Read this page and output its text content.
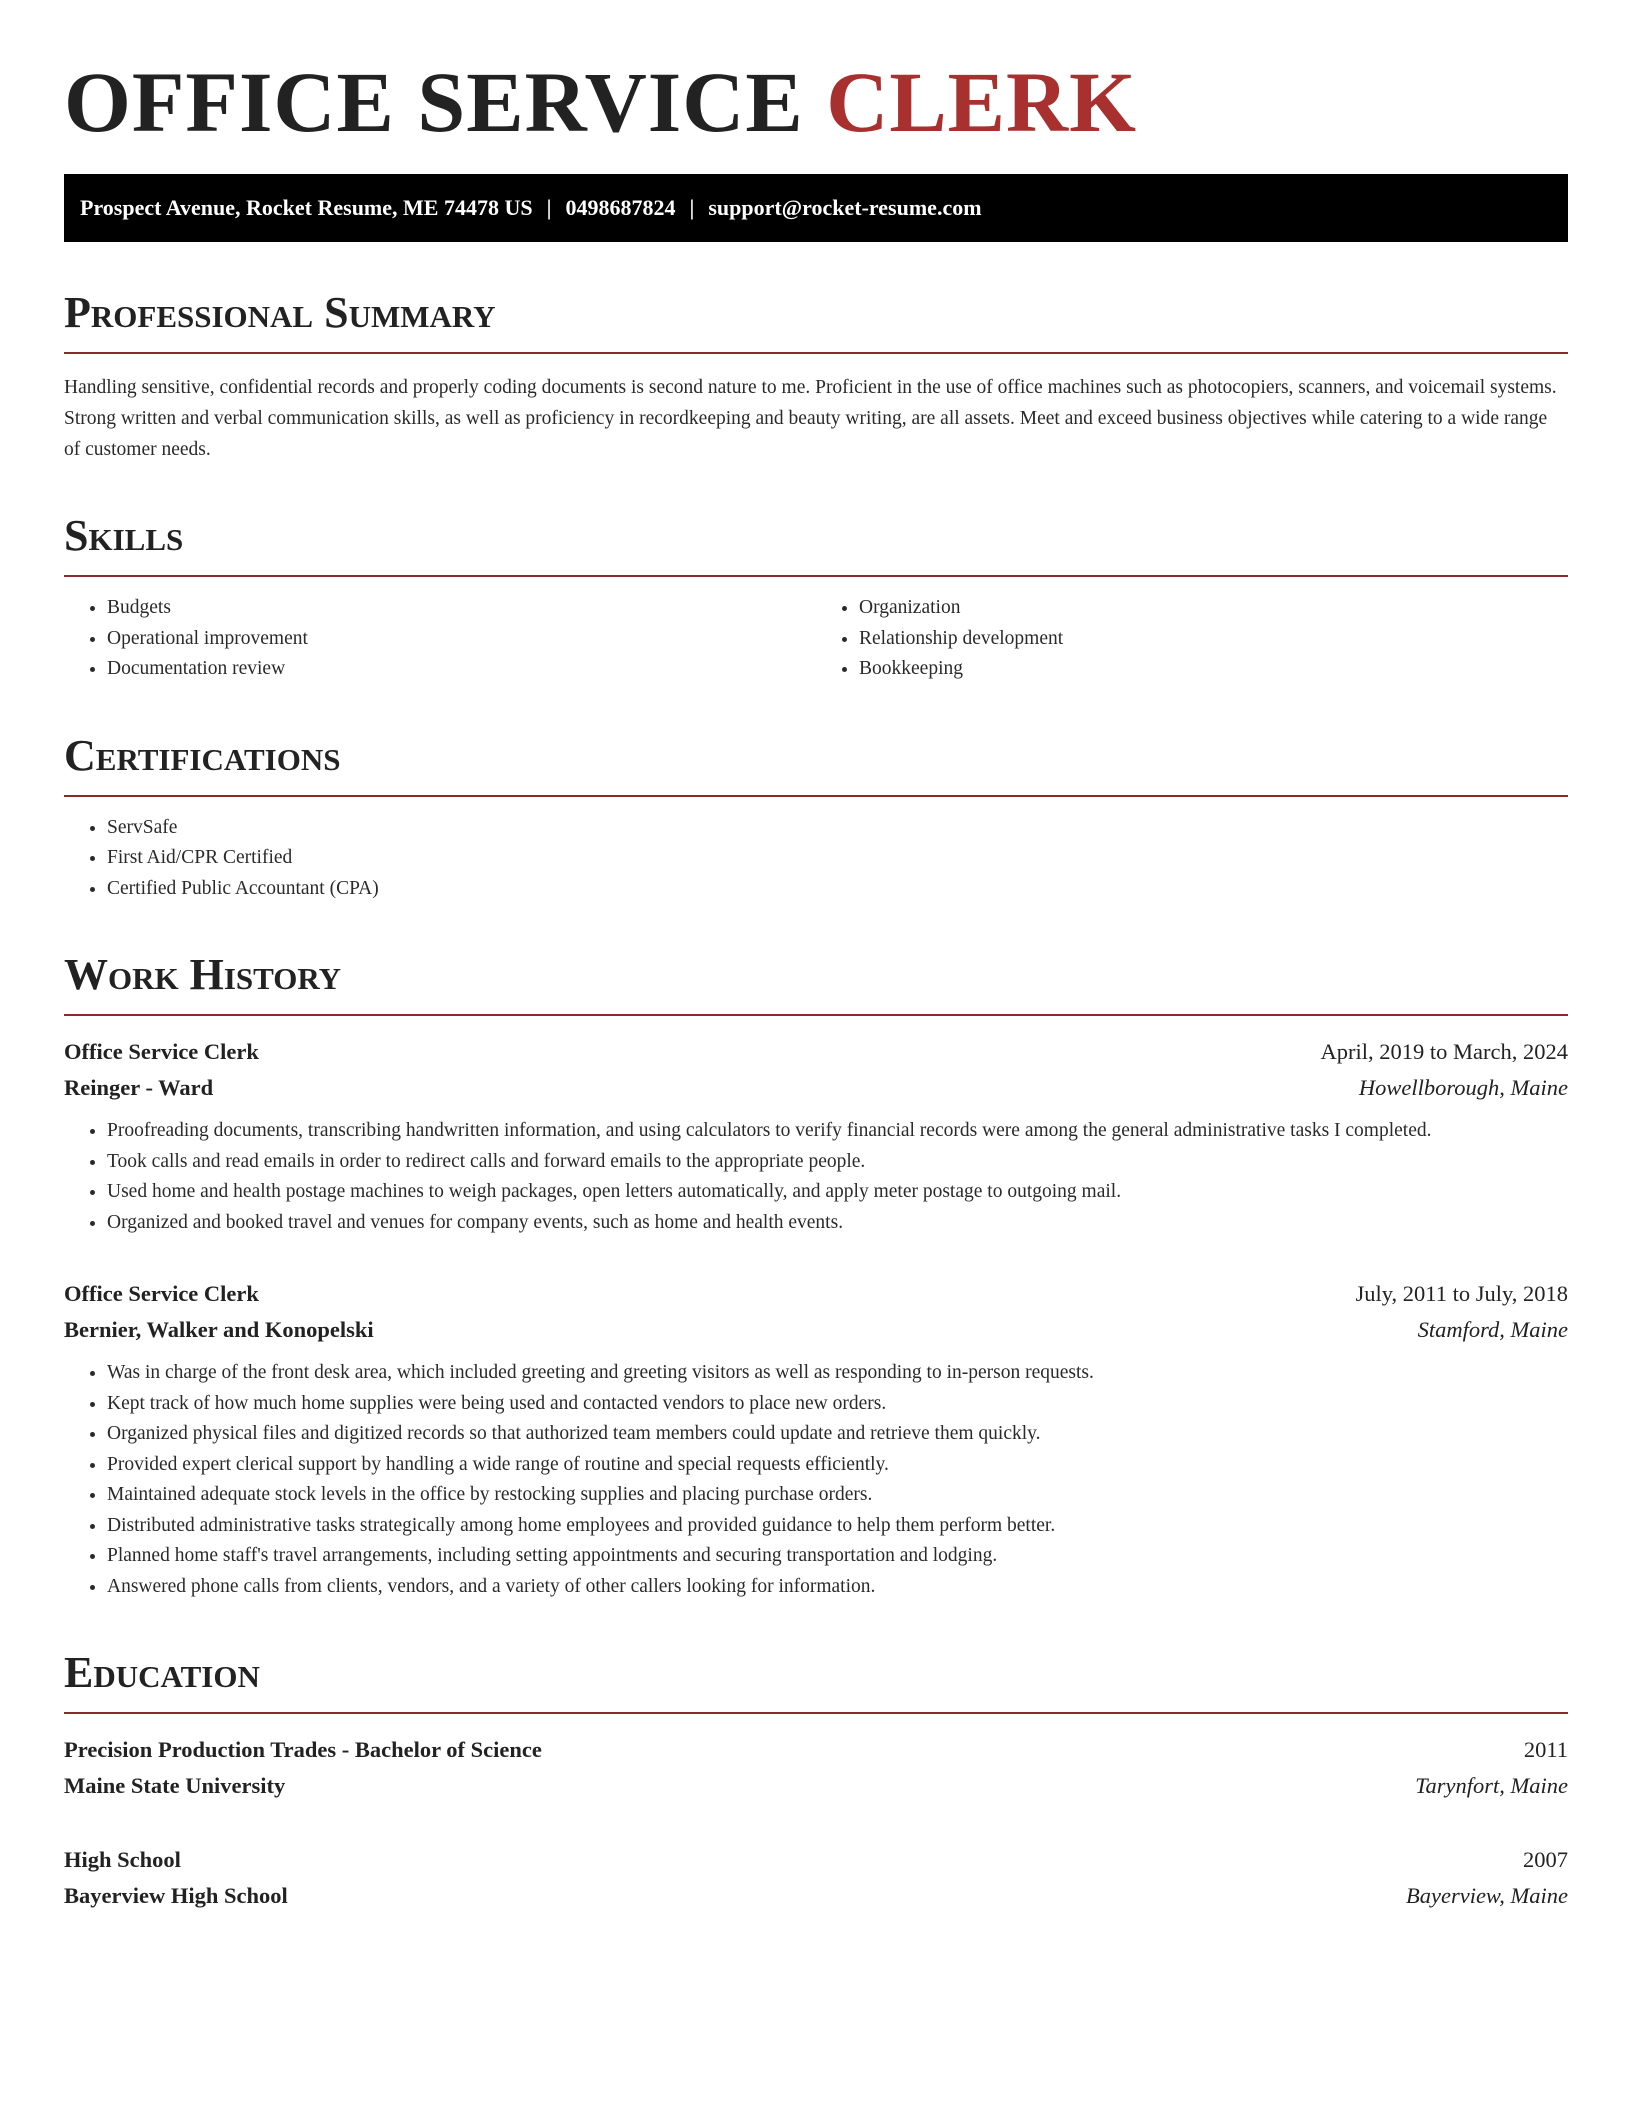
OFFICE SERVICE CLERK
Prospect Avenue, Rocket Resume, ME 74478 US | 0498687824 | support@rocket-resume.com
Professional Summary

Handling sensitive, confidential records and properly coding documents is second nature to me. Proficient in the use of office machines such as photocopiers, scanners, and voicemail systems. Strong written and verbal communication skills, as well as proficiency in recordkeeping and beauty writing, are all assets. Meet and exceed business objectives while catering to a wide range of customer needs.

Skills
• Budgets
• Operational improvement
• Documentation review
• Organization
• Relationship development
• Bookkeeping
Certifications
• ServSafe
• First Aid/CPR Certified
• Certified Public Accountant (CPA)
Work History
Office Service Clerk	April, 2019 to March, 2024
Reinger - Ward	Howellborough, Maine
• Proofreading documents, transcribing handwritten information, and using calculators to verify financial records were among the general administrative tasks I completed.
• Took calls and read emails in order to redirect calls and forward emails to the appropriate people.
• Used home and health postage machines to weigh packages, open letters automatically, and apply meter postage to outgoing mail.
• Organized and booked travel and venues for company events, such as home and health events.
Office Service Clerk	July, 2011 to July, 2018
Bernier, Walker and Konopelski	Stamford, Maine
• Was in charge of the front desk area, which included greeting and greeting visitors as well as responding to in-person requests.
• Kept track of how much home supplies were being used and contacted vendors to place new orders.
• Organized physical files and digitized records so that authorized team members could update and retrieve them quickly.
• Provided expert clerical support by handling a wide range of routine and special requests efficiently.
• Maintained adequate stock levels in the office by restocking supplies and placing purchase orders.
• Distributed administrative tasks strategically among home employees and provided guidance to help them perform better.
• Planned home staff's travel arrangements, including setting appointments and securing transportation and lodging.
• Answered phone calls from clients, vendors, and a variety of other callers looking for information.
Education
Precision Production Trades - Bachelor of Science	2011
Maine State University	Tarynfort, Maine
High School	2007
Bayerview High School	Bayerview, Maine
